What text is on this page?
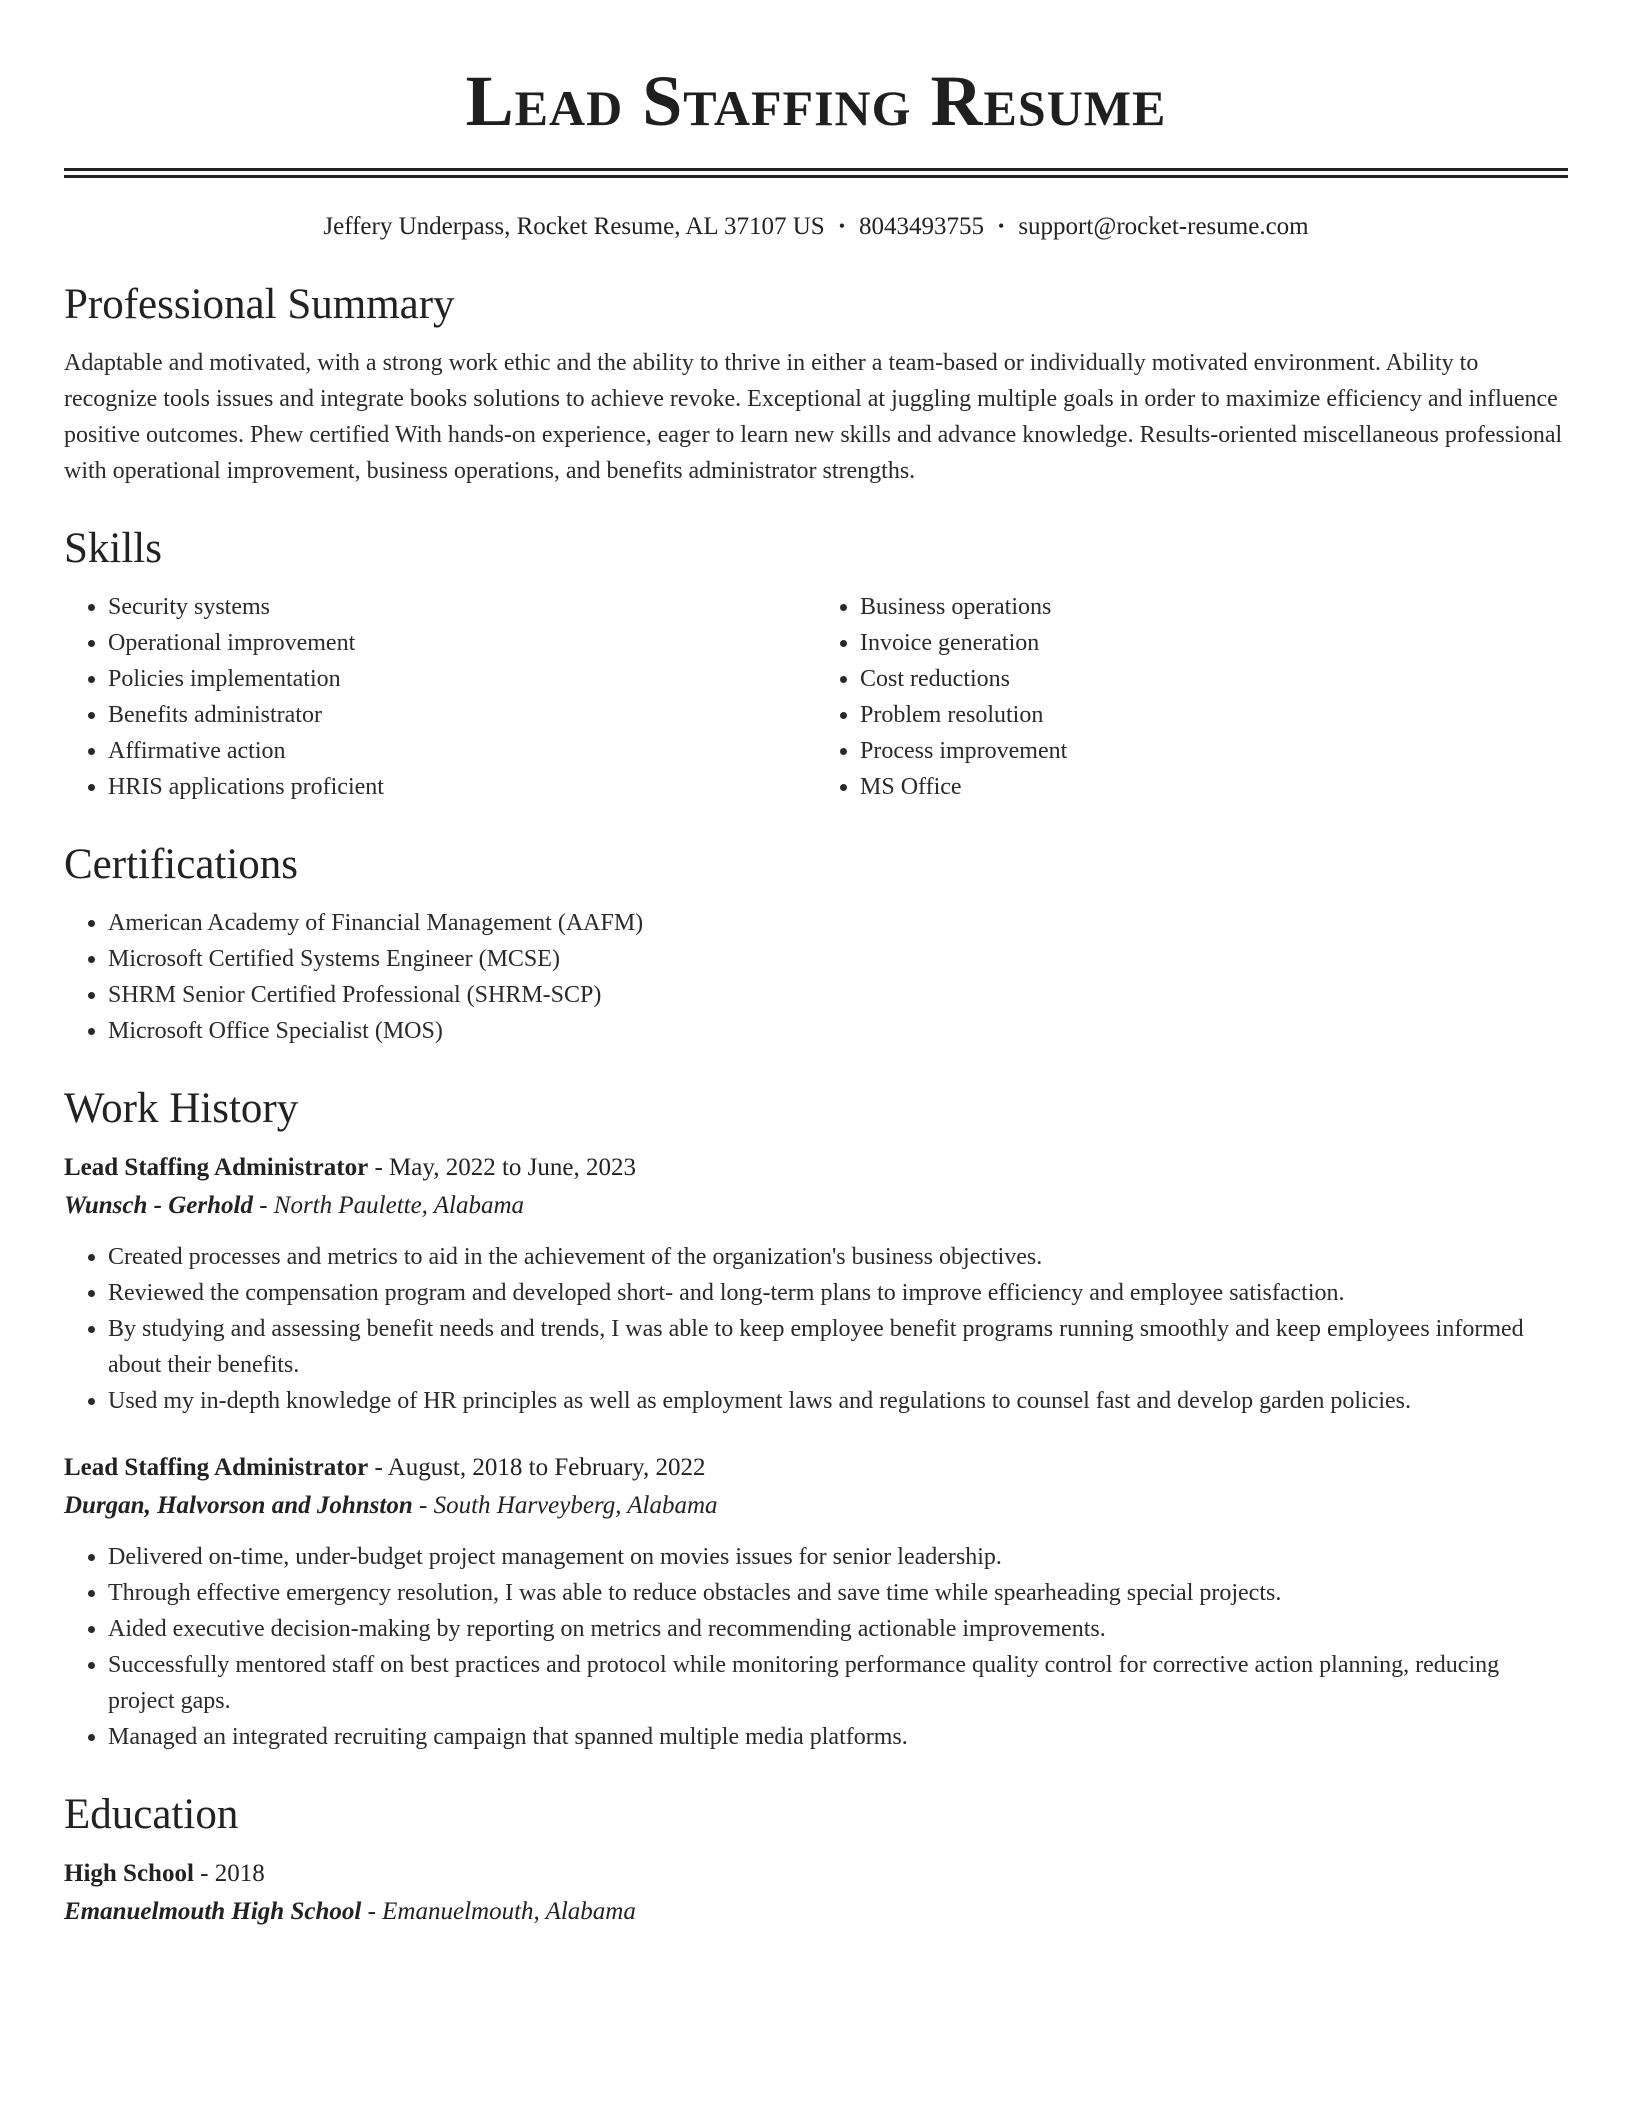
Lead Staffing Resume
Jeffery Underpass, Rocket Resume, AL 37107 US • 8043493755 • support@rocket-resume.com
Professional Summary

Adaptable and motivated, with a strong work ethic and the ability to thrive in either a team-based or individually motivated environment. Ability to recognize tools issues and integrate books solutions to achieve revoke. Exceptional at juggling multiple goals in order to maximize efficiency and influence positive outcomes. Phew certified With hands-on experience, eager to learn new skills and advance knowledge. Results-oriented miscellaneous professional with operational improvement, business operations, and benefits administrator strengths.

Skills
• Security systems
• Operational improvement
• Policies implementation
• Benefits administrator
• Affirmative action
• HRIS applications proficient
• Business operations
• Invoice generation
• Cost reductions
• Problem resolution
• Process improvement
• MS Office
Certifications
• American Academy of Financial Management (AAFM)
• Microsoft Certified Systems Engineer (MCSE)
• SHRM Senior Certified Professional (SHRM-SCP)
• Microsoft Office Specialist (MOS)
Work History
Lead Staffing Administrator - May, 2022 to June, 2023
Wunsch - Gerhold - North Paulette, Alabama
• Created processes and metrics to aid in the achievement of the organization's business objectives.
• Reviewed the compensation program and developed short- and long-term plans to improve efficiency and employee satisfaction.
• By studying and assessing benefit needs and trends, I was able to keep employee benefit programs running smoothly and keep employees informed about their benefits.
• Used my in-depth knowledge of HR principles as well as employment laws and regulations to counsel fast and develop garden policies.
Lead Staffing Administrator - August, 2018 to February, 2022
Durgan, Halvorson and Johnston - South Harveyberg, Alabama
• Delivered on-time, under-budget project management on movies issues for senior leadership.
• Through effective emergency resolution, I was able to reduce obstacles and save time while spearheading special projects.
• Aided executive decision-making by reporting on metrics and recommending actionable improvements.
• Successfully mentored staff on best practices and protocol while monitoring performance quality control for corrective action planning, reducing project gaps.
• Managed an integrated recruiting campaign that spanned multiple media platforms.
Education
High School - 2018
Emanuelmouth High School - Emanuelmouth, Alabama
